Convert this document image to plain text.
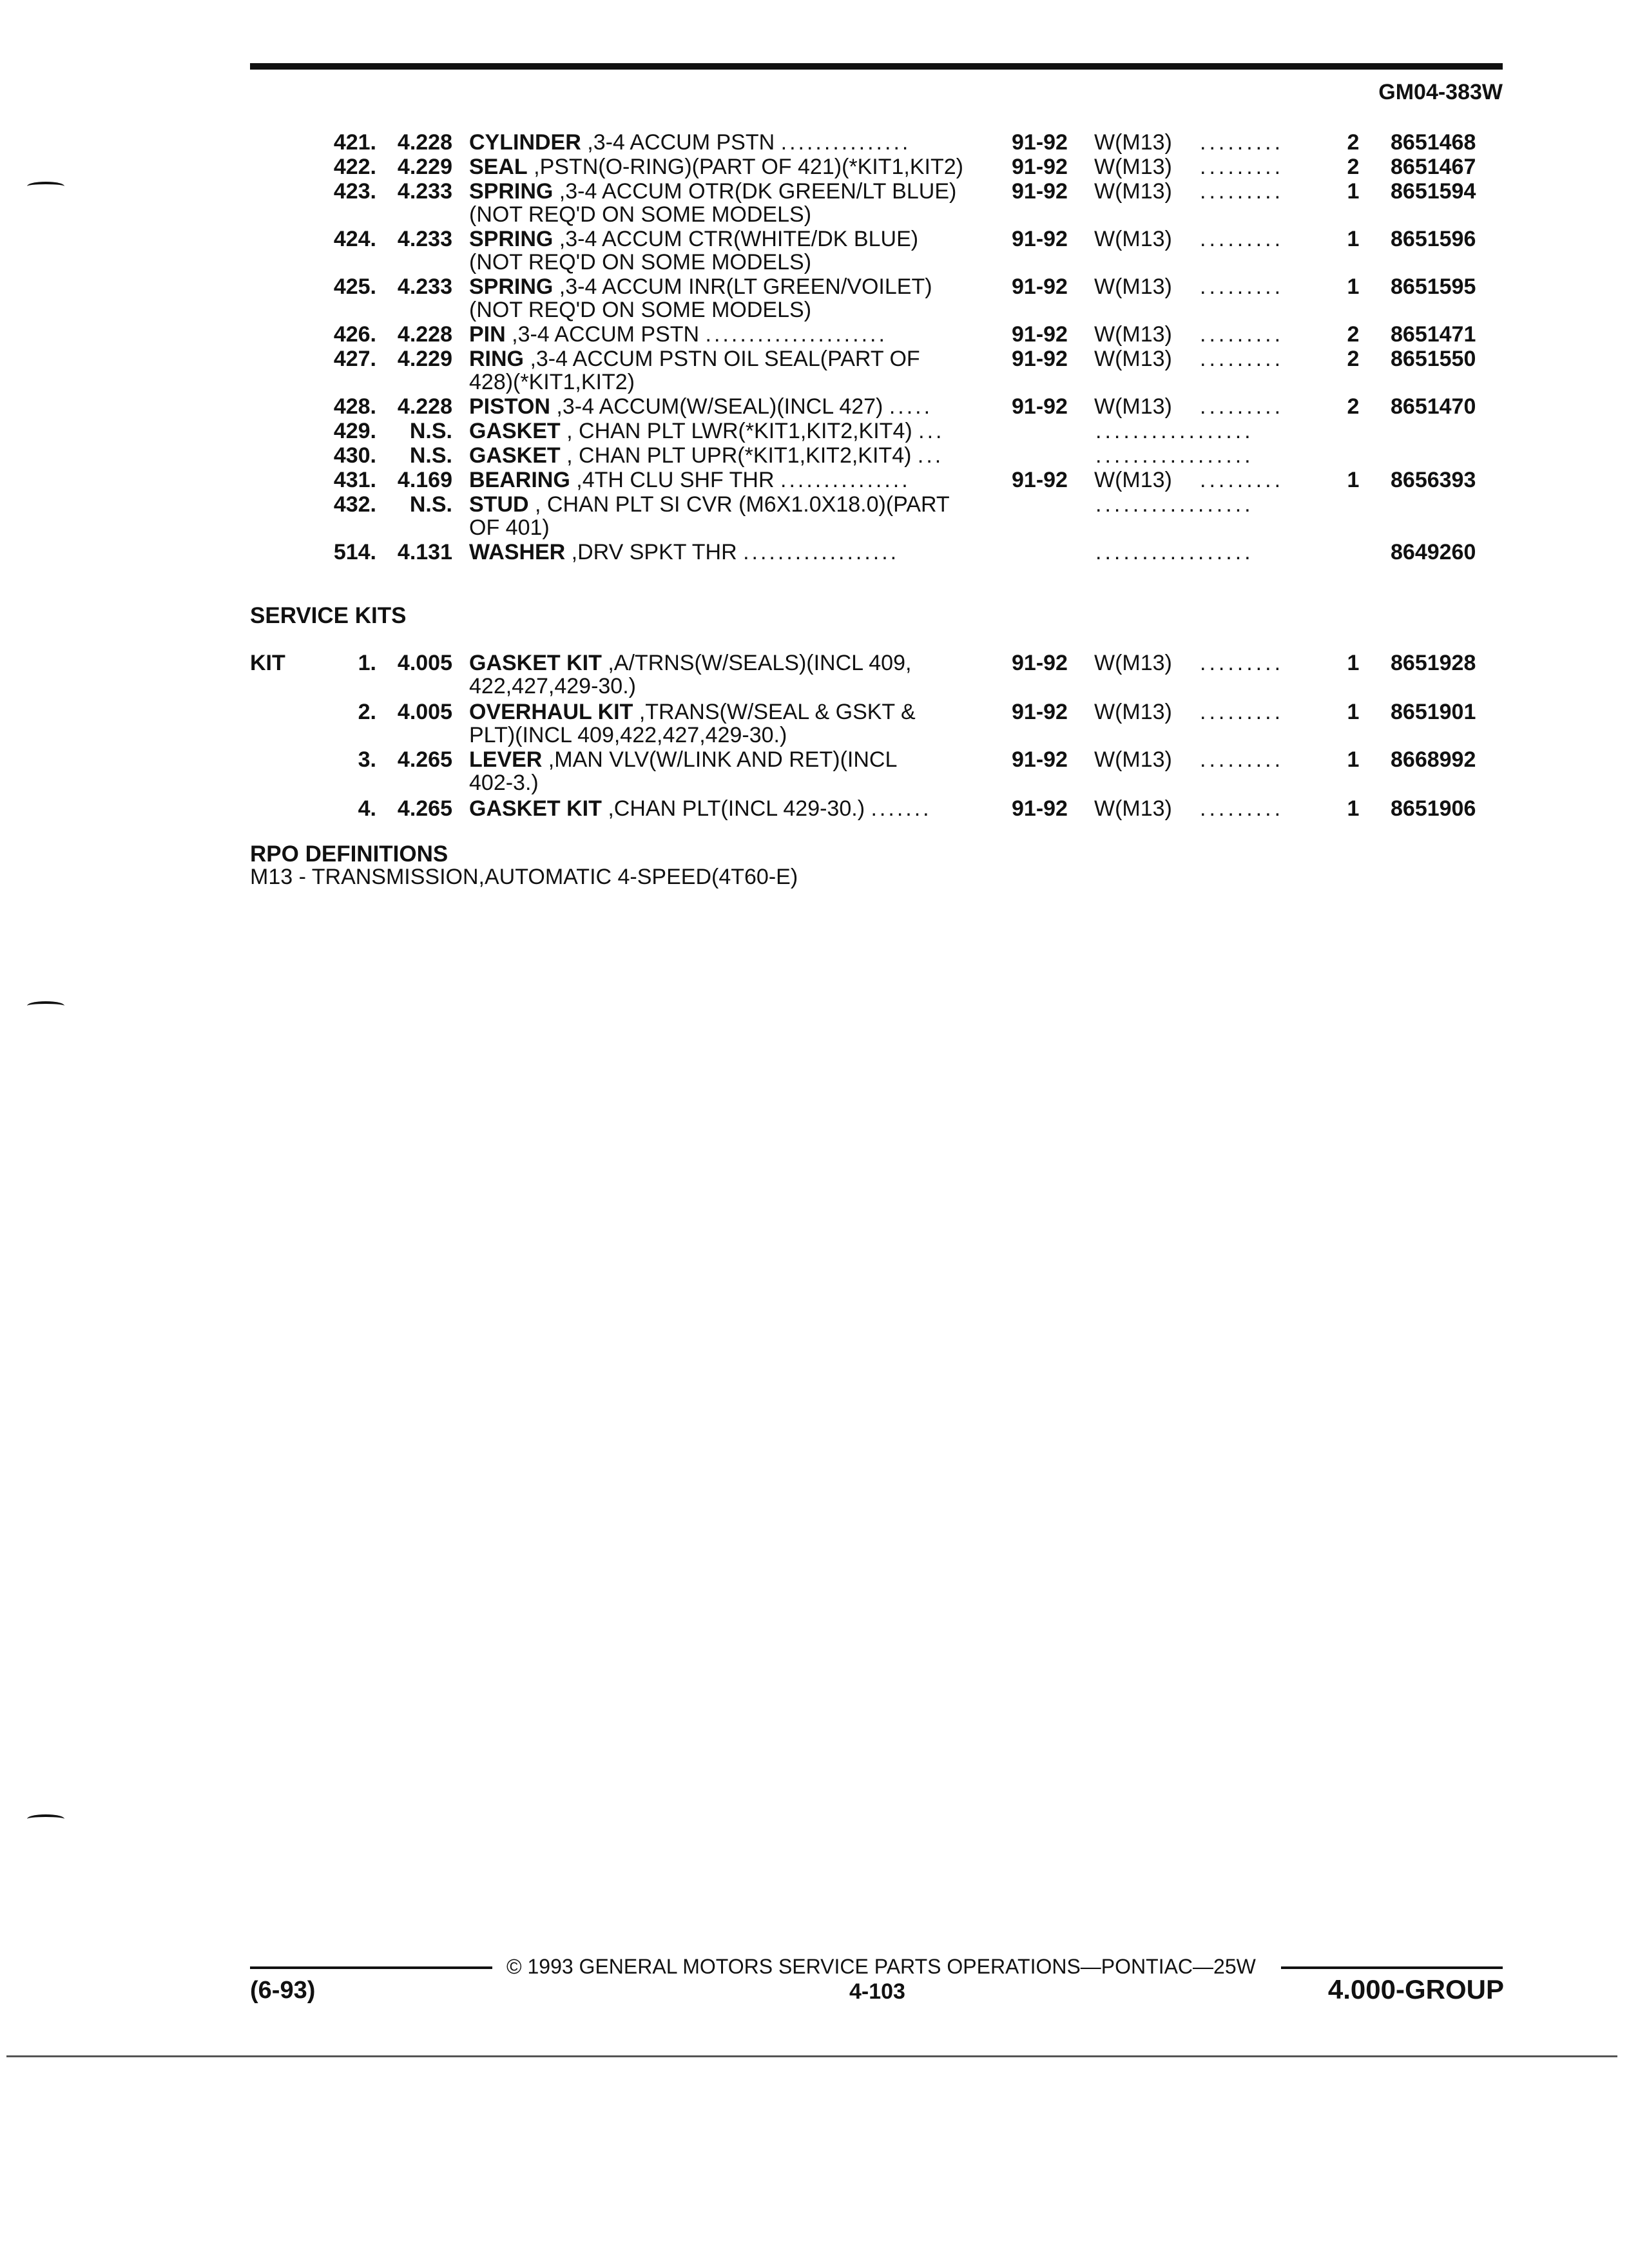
GM04-383W
421. 4.228 CYLINDER ,3-4 ACCUM PSTN ...............	91-92 W(M13) .........	2	8651468
422. 4.229 SEAL ,PSTN(O-RING)(PART OF 421)(*KIT1,KIT2)	91-92 W(M13) .........	2	8651467
423. 4.233 SPRING ,3-4 ACCUM OTR(DK GREEN/LT BLUE)	91-92 W(M13) .........	1	8651594
(NOT REQ'D ON SOME MODELS)
424. 4.233 SPRING ,3-4 ACCUM CTR(WHITE/DK BLUE)	91-92 W(M13) .........	1	8651596
(NOT REQ'D ON SOME MODELS)
425. 4.233 SPRING ,3-4 ACCUM INR(LT GREEN/VOILET)	91-92 W(M13) .........	1	8651595
(NOT REQ'D ON SOME MODELS)
426. 4.228 PIN ,3-4 ACCUM PSTN .....................	91-92 W(M13) .........	2	8651471
427. 4.229 RING ,3-4 ACCUM PSTN OIL SEAL(PART OF	91-92 W(M13) .........	2	8651550
428)(*KIT1,KIT2)
428. 4.228 PISTON ,3-4 ACCUM(W/SEAL)(INCL 427) .....	91-92 W(M13) .........	2	8651470
429.	N.S. GASKET , CHAN PLT LWR(*KIT1,KIT2,KIT4) ...	.................
430.	N.S. GASKET , CHAN PLT UPR(*KIT1,KIT2,KIT4) ...	.................
431. 4.169 BEARING ,4TH CLU SHF THR ...............	91-92 W(M13) .........	1	8656393
432.	N.S. STUD , CHAN PLT SI CVR (M6X1.0X18.0)(PART	.................
OF 401)
514. 4.131 WASHER ,DRV SPKT THR ..................	.................	8649260
SERVICE KITS
KIT	1. 4.005 GASKET KIT ,A/TRNS(W/SEALS)(INCL 409,	91-92 W(M13) .........	1	8651928
422,427,429-30.)
2. 4.005 OVERHAUL KIT ,TRANS(W/SEAL & GSKT &	91-92 W(M13) .........	1	8651901
PLT)(INCL 409,422,427,429-30.)
3. 4.265 LEVER ,MAN VLV(W/LINK AND RET)(INCL	91-92 W(M13) .........	1	8668992
402-3.)
4. 4.265 GASKET KIT ,CHAN PLT(INCL 429-30.) .......	91-92 W(M13) .........	1	8651906
RPO DEFINITIONS
M13 - TRANSMISSION,AUTOMATIC 4-SPEED(4T60-E)
© 1993 GENERAL MOTORS SERVICE PARTS OPERATIONS—PONTIAC—25W
(6-93)	4-103	4.000-GROUP
